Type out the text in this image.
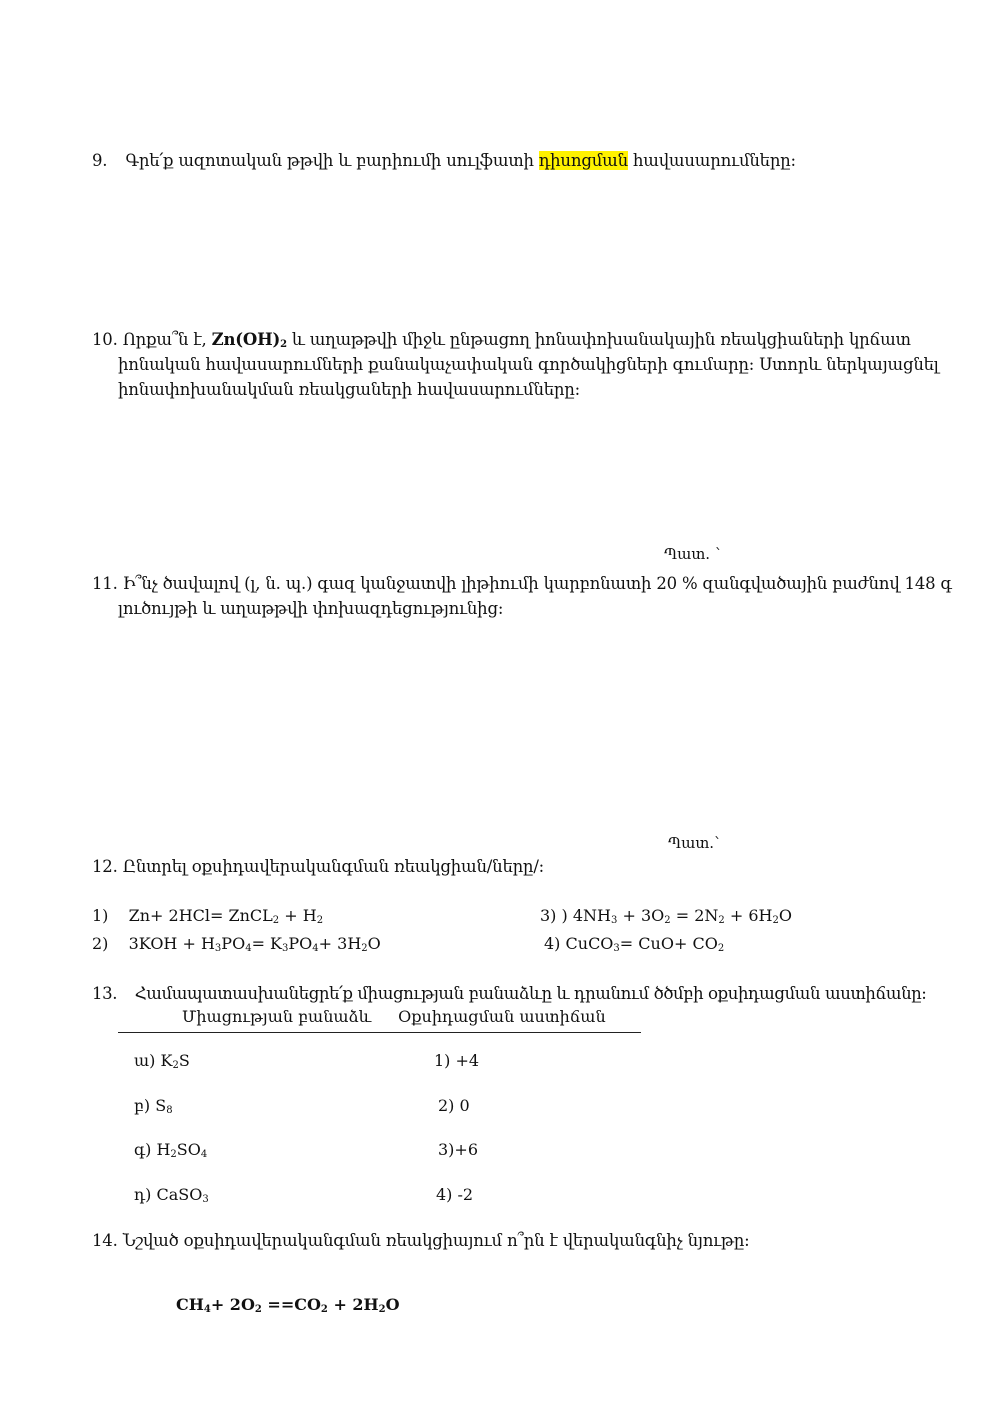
9. Գրե՛ք ազոտական թթվի և բարիումի սուլֆատի դիսոցման հավասարումները:
10. Որքա՞ն է, $Zn(OH)_2$ և աղաթթվի միջև ընթացող իոնափոխանակային ռեակցիաների կրճատ
իոնական հավասարումների քանակաչափական գործակիցների գումարը: Ստորև ներկայացնել
իոնափոխանակման ռեակցաների հավասարումները:
Պատ. `
11. Ի՞նչ ծավալով (լ, ն. պ.) գազ կանջատվի լիթիումի կարբոնատի 20 % զանգվածային բաժնով 148 գ
լուծույթի և աղաթթվի փոխազդեցությունից:
Պատ.`
12. Ընտրել օքսիդավերականգման ռեակցիան/ները/:
1) Zn+ 2HCl= ZnCL$_2$ + $H_2$
2) $3KOH + H_3PO_4= K_3PO_4+ 3H_2O$
3) ) $4NH_3 + 3O_2 = 2N_2 + 6H_2O$
4) CuCO$_3$= $CuO+ CO_2$
13. Համապատասխանեցրե՛ք միացության բանաձևը և դրանում ծծմբի օքսիդացման աստիճանը:
Միացության բանաձև Օքսիդացման աստիճան
ա) $K_2S$	1) +4
բ) $S_8$	2) 0
գ) $H_2SO_4$	3)+6
դ) CaSO$_3$	4) -2
14. Նշված օքսիդավերականգման ռեակցիայում ո՞րն է վերականգնիչ նյութը:
$CH_4+ 2O_2 ==CO_2 + 2H_2O$
